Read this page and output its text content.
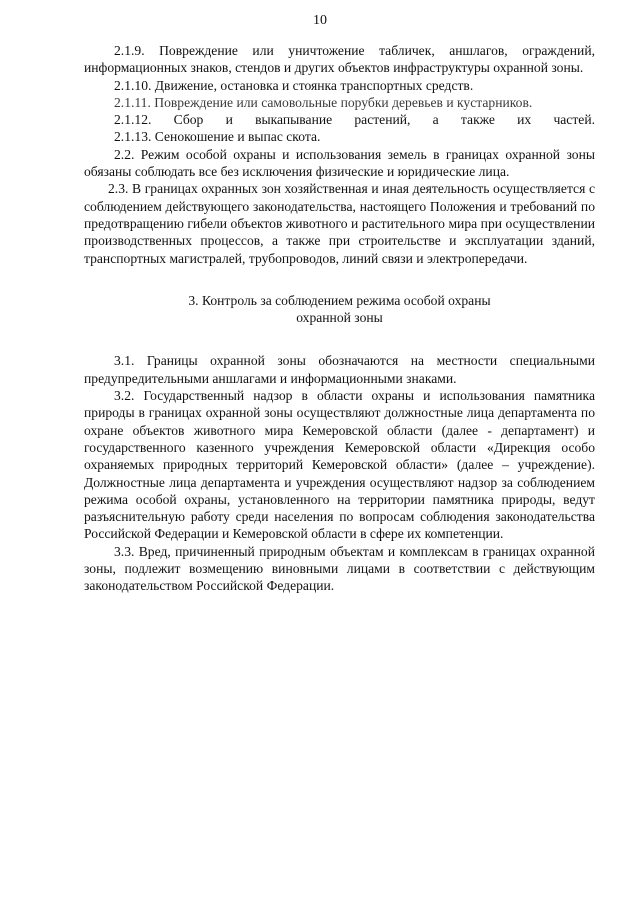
10

2.1.9. Повреждение или уничтожение табличек, аншлагов, ограждений, информационных знаков, стендов и других объектов инфраструктуры охранной зоны.

2.1.10. Движение, остановка и стоянка транспортных средств.

2.1.11. Повреждение или самовольные порубки деревьев и кустарников.

2.1.12. Сбор и выкапывание растений, а также их частей.

2.1.13. Сенокошение и выпас скота.

2.2. Режим особой охраны и использования земель в границах охранной зоны обязаны соблюдать все без исключения физические и юридические лица.

2.3. В границах охранных зон хозяйственная и иная деятельность осуществляется с соблюдением действующего законодательства, настоящего Положения и требований по предотвращению гибели объектов животного и растительного мира при осуществлении производственных процессов, а также при строительстве и эксплуатации зданий, транспортных магистралей, трубопроводов, линий связи и электропередачи.

3. Контроль за соблюдением режима особой охраны
охранной зоны

3.1. Границы охранной зоны обозначаются на местности специальными предупредительными аншлагами и информационными знаками.

3.2. Государственный надзор в области охраны и использования памятника природы в границах охранной зоны осуществляют должностные лица департамента по охране объектов животного мира Кемеровской области (далее - департамент) и государственного казенного учреждения Кемеровской области «Дирекция особо охраняемых природных территорий Кемеровской области» (далее – учреждение). Должностные лица департамента и учреждения осуществляют надзор за соблюдением режима особой охраны, установленного на территории памятника природы, ведут разъяснительную работу среди населения по вопросам соблюдения законодательства Российской Федерации и Кемеровской области в сфере их компетенции.

3.3. Вред, причиненный природным объектам и комплексам в границах охранной зоны, подлежит возмещению виновными лицами в соответствии с действующим законодательством Российской Федерации.
